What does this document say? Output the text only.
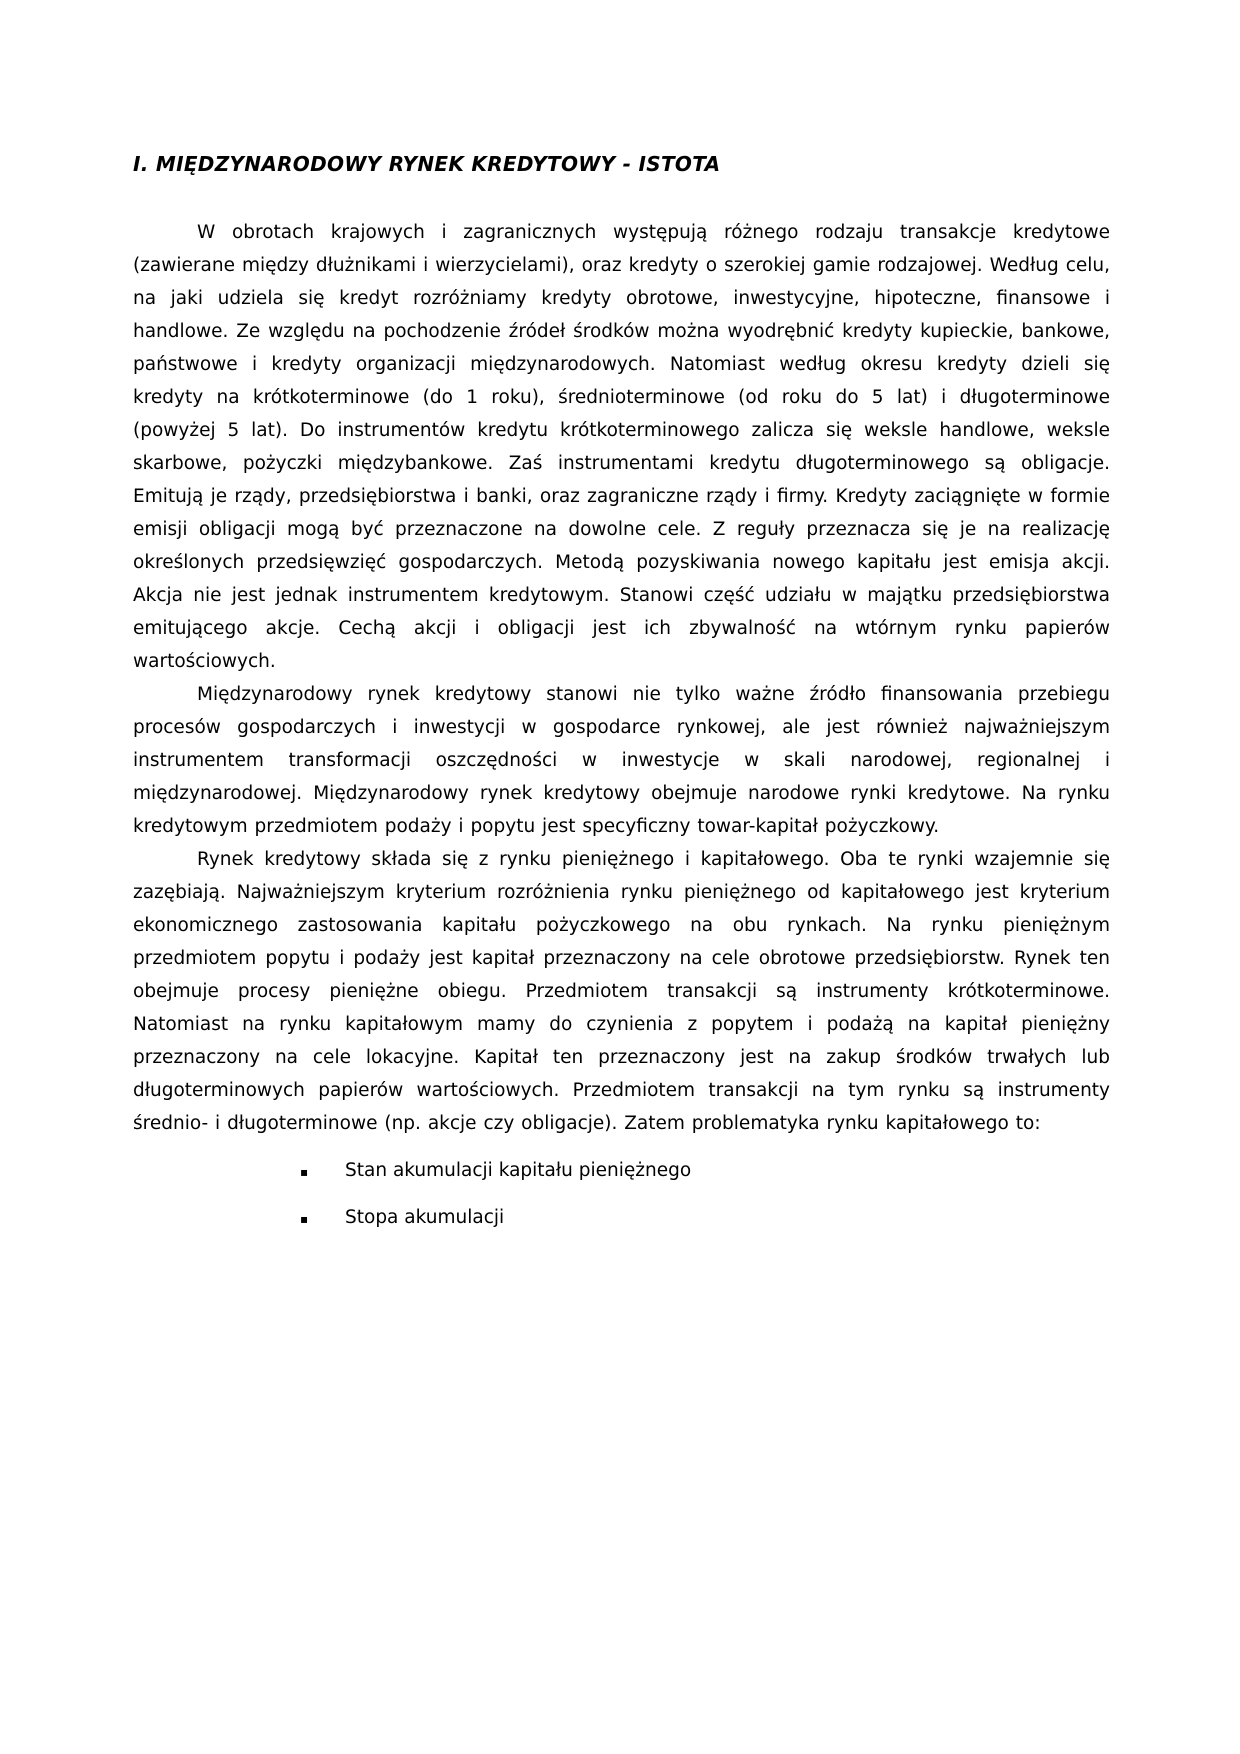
I. MIĘDZYNARODOWY RYNEK KREDYTOWY - ISTOTA

W obrotach krajowych i zagranicznych występują różnego rodzaju transakcje kredytowe (zawierane między dłużnikami i wierzycielami), oraz kredyty o szerokiej gamie rodzajowej. Według celu, na jaki udziela się kredyt rozróżniamy kredyty obrotowe, inwestycyjne, hipoteczne, finansowe i handlowe. Ze względu na pochodzenie źródeł środków można wyodrębnić kredyty kupieckie, bankowe, państwowe i kredyty organizacji międzynarodowych. Natomiast według okresu kredyty dzieli się kredyty na krótkoterminowe (do 1 roku), średnioterminowe (od roku do 5 lat) i długoterminowe (powyżej 5 lat). Do instrumentów kredytu krótkoterminowego zalicza się weksle handlowe, weksle skarbowe, pożyczki międzybankowe. Zaś instrumentami kredytu długoterminowego są obligacje. Emitują je rządy, przedsiębiorstwa i banki, oraz zagraniczne rządy i firmy. Kredyty zaciągnięte w formie emisji obligacji mogą być przeznaczone na dowolne cele. Z reguły przeznacza się je na realizację określonych przedsięwzięć gospodarczych. Metodą pozyskiwania nowego kapitału jest emisja akcji. Akcja nie jest jednak instrumentem kredytowym. Stanowi część udziału w majątku przedsiębiorstwa emitującego akcje. Cechą akcji i obligacji jest ich zbywalność na wtórnym rynku papierów wartościowych.

Międzynarodowy rynek kredytowy stanowi nie tylko ważne źródło finansowania przebiegu procesów gospodarczych i inwestycji w gospodarce rynkowej, ale jest również najważniejszym instrumentem transformacji oszczędności w inwestycje w skali narodowej, regionalnej i międzynarodowej. Międzynarodowy rynek kredytowy obejmuje narodowe rynki kredytowe. Na rynku kredytowym przedmiotem podaży i popytu jest specyficzny towar-kapitał pożyczkowy.

Rynek kredytowy składa się z rynku pieniężnego i kapitałowego. Oba te rynki wzajemnie się zazębiają. Najważniejszym kryterium rozróżnienia rynku pieniężnego od kapitałowego jest kryterium ekonomicznego zastosowania kapitału pożyczkowego na obu rynkach. Na rynku pieniężnym przedmiotem popytu i podaży jest kapitał przeznaczony na cele obrotowe przedsiębiorstw. Rynek ten obejmuje procesy pieniężne obiegu. Przedmiotem transakcji są instrumenty krótkoterminowe. Natomiast na rynku kapitałowym mamy do czynienia z popytem i podażą na kapitał pieniężny przeznaczony na cele lokacyjne. Kapitał ten przeznaczony jest na zakup środków trwałych lub długoterminowych papierów wartościowych. Przedmiotem transakcji na tym rynku są instrumenty średnio- i długoterminowe (np. akcje czy obligacje). Zatem problematyka rynku kapitałowego to:

▪	Stan akumulacji kapitału pieniężnego
▪	Stopa akumulacji
